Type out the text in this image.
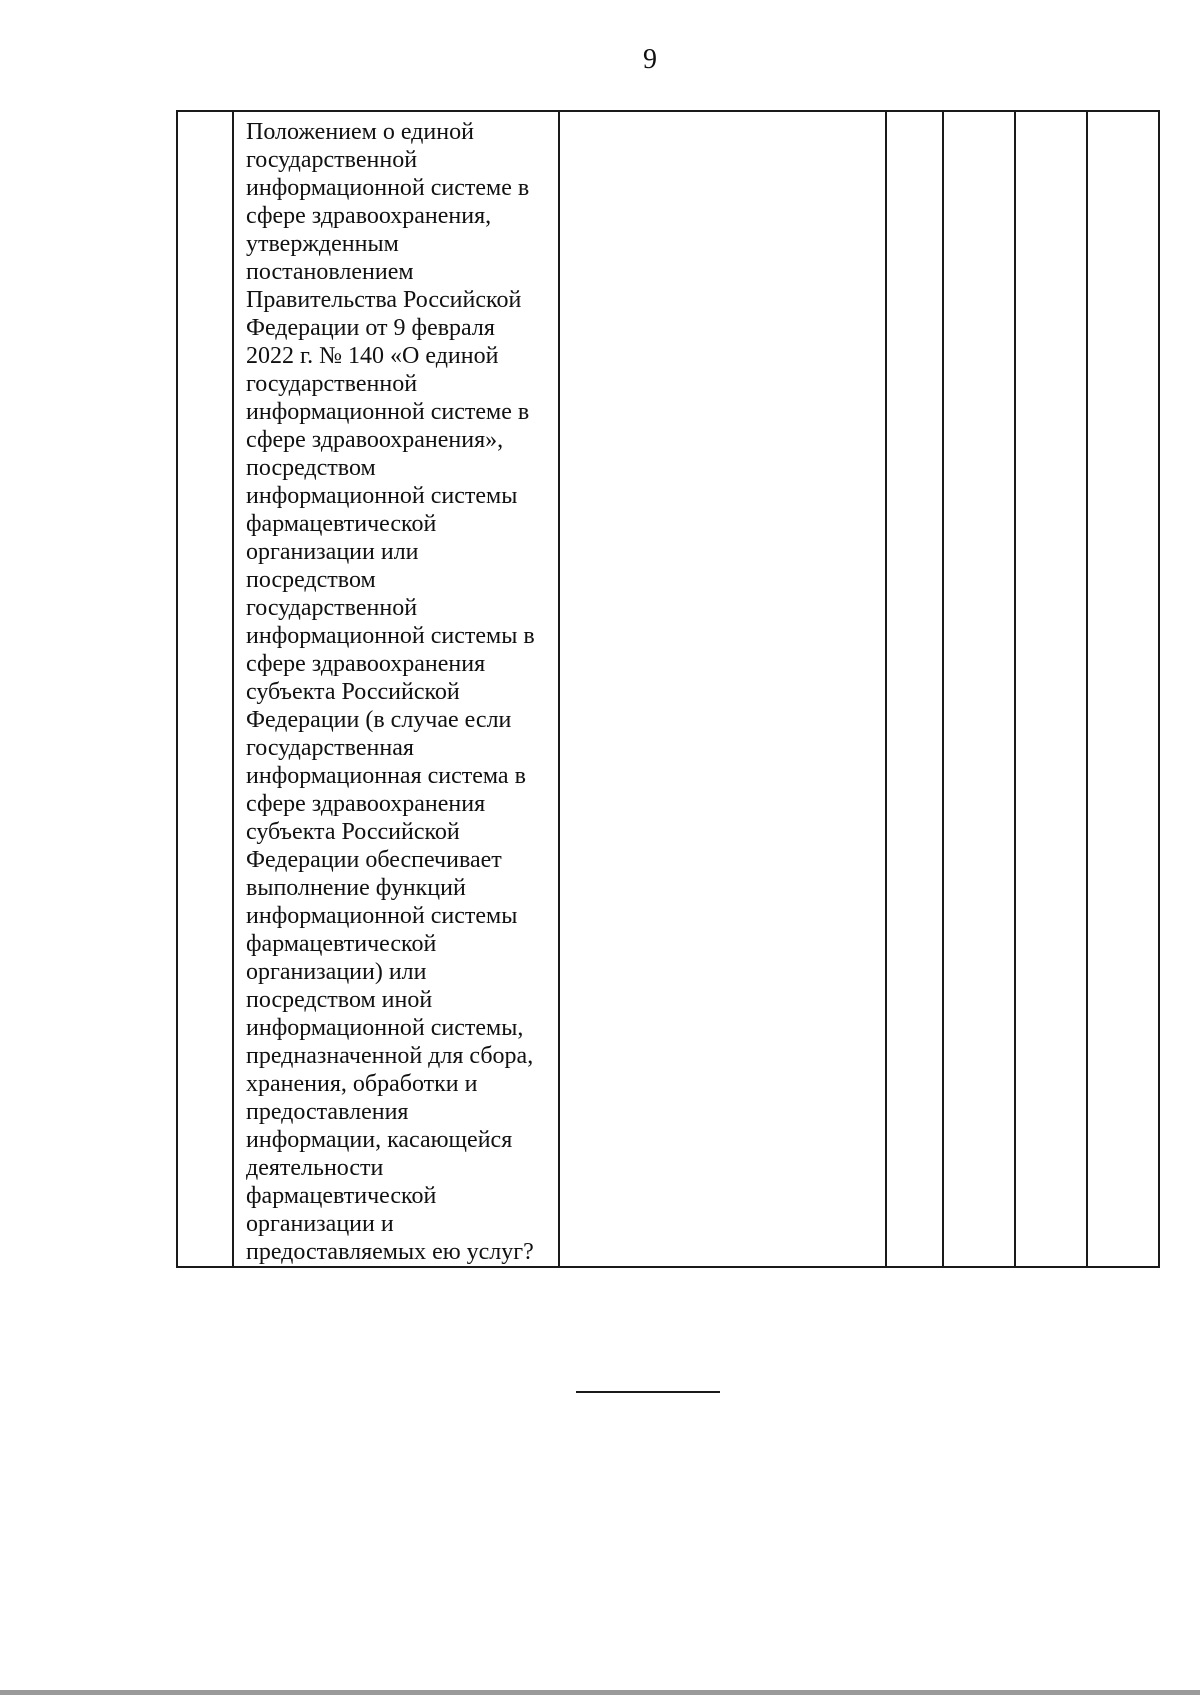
9

Положением о единой
государственной
информационной системе в
сфере здравоохранения,
утвержденным
постановлением
Правительства Российской
Федерации от 9 февраля
2022 г. № 140 «О единой
государственной
информационной системе в
сфере здравоохранения»,
посредством
информационной системы
фармацевтической
организации или
посредством
государственной
информационной системы в
сфере здравоохранения
субъекта Российской
Федерации (в случае если
государственная
информационная система в
сфере здравоохранения
субъекта Российской
Федерации обеспечивает
выполнение функций
информационной системы
фармацевтической
организации) или
посредством иной
информационной системы,
предназначенной для сбора,
хранения, обработки и
предоставления
информации, касающейся
деятельности
фармацевтической
организации и
предоставляемых ею услуг?
